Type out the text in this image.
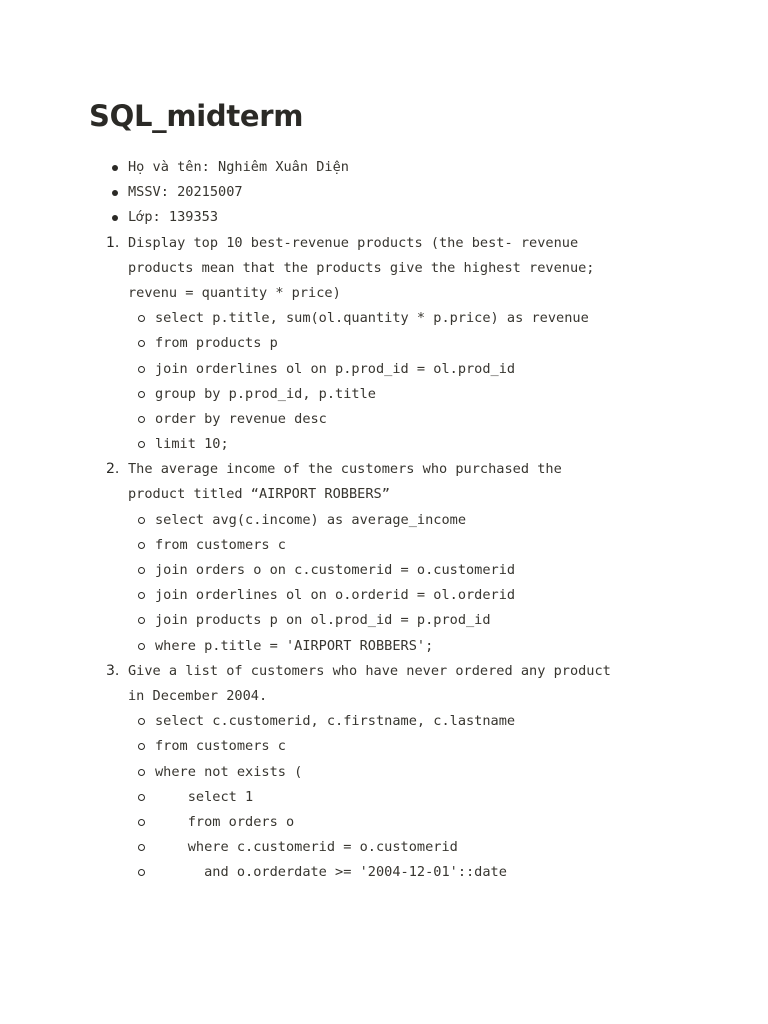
SQL_midterm

Họ và tên: Nghiêm Xuân Diện

MSSV: 20215007

Lớp: 139353

1.

Display top 10 best-revenue products (the best- revenue

products mean that the products give the highest revenue;

revenu = quantity * price)

select p.title, sum(ol.quantity * p.price) as revenue

from products p

join orderlines ol on p.prod_id = ol.prod_id

group by p.prod_id, p.title

order by revenue desc

limit 10;

2.

The average income of the customers who purchased the

product titled “AIRPORT ROBBERS”

select avg(c.income) as average_income

from customers c

join orders o on c.customerid = o.customerid

join orderlines ol on o.orderid = ol.orderid

join products p on ol.prod_id = p.prod_id

where p.title = 'AIRPORT ROBBERS';

3.

Give a list of customers who have never ordered any product

in December 2004.

select c.customerid, c.firstname, c.lastname

from customers c

where not exists (

select 1

from orders o

where c.customerid = o.customerid

and o.orderdate >= '2004-12-01'::date
